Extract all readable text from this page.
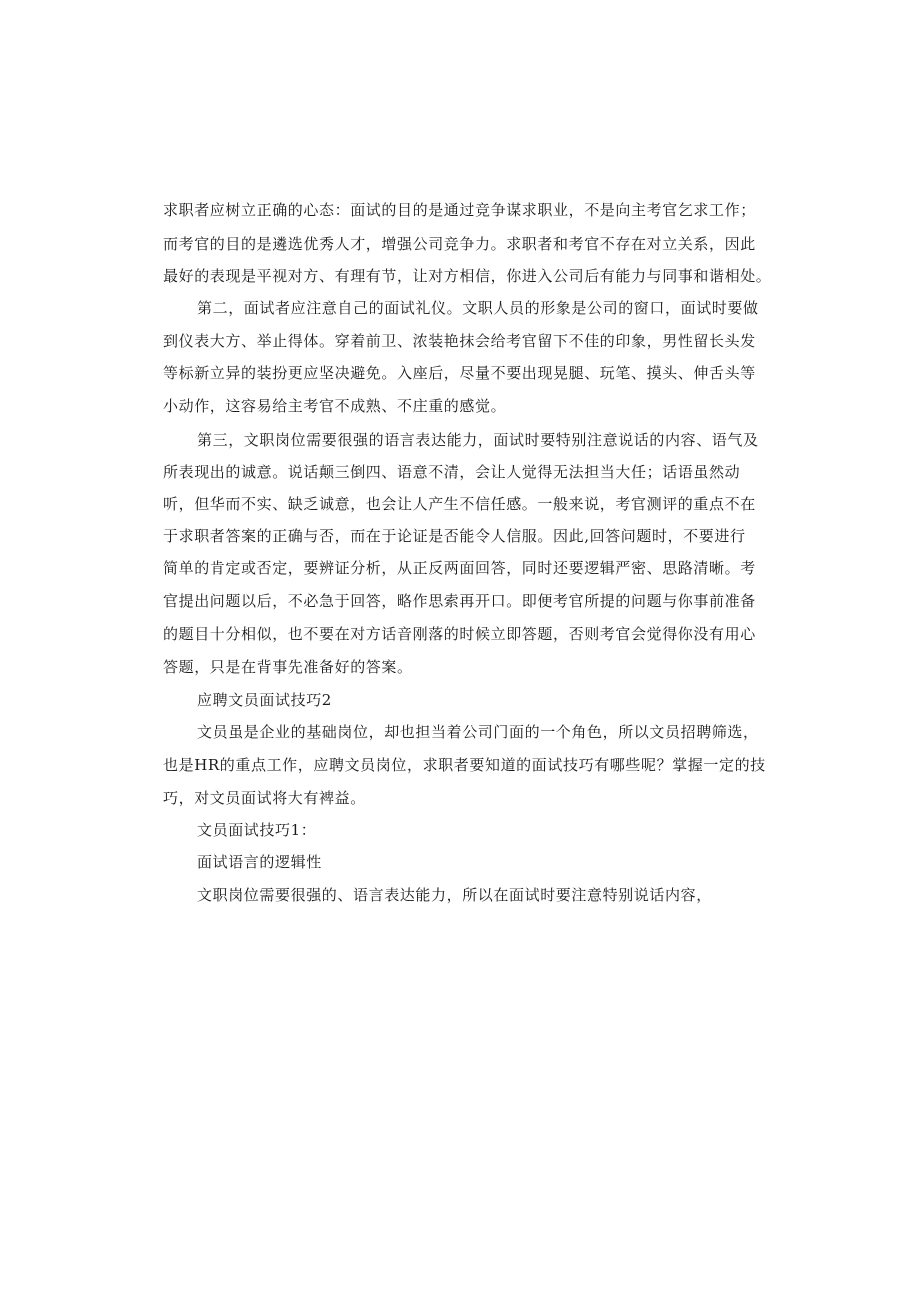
求职者应树立正确的心态：面试的目的是通过竞争谋求职业，不是向主考官乞求工作；
而考官的目的是遴选优秀人才，增强公司竞争力。求职者和考官不存在对立关系，因此
最好的表现是平视对方、有理有节，让对方相信，你进入公司后有能力与同事和谐相处。
第二，面试者应注意自己的面试礼仪。文职人员的形象是公司的窗口，面试时要做
到仪表大方、举止得体。穿着前卫、浓装艳抹会给考官留下不佳的印象，男性留长头发
等标新立异的装扮更应坚决避免。入座后，尽量不要出现晃腿、玩笔、摸头、伸舌头等
小动作，这容易给主考官不成熟、不庄重的感觉。
第三，文职岗位需要很强的语言表达能力，面试时要特别注意说话的内容、语气及
所表现出的诚意。说话颠三倒四、语意不清，会让人觉得无法担当大任；话语虽然动
听，但华而不实、缺乏诚意，也会让人产生不信任感。一般来说，考官测评的重点不在
于求职者答案的正确与否，而在于论证是否能令人信服。因此,回答问题时，不要进行
简单的肯定或否定，要辨证分析，从正反两面回答，同时还要逻辑严密、思路清晰。考
官提出问题以后，不必急于回答，略作思索再开口。即便考官所提的问题与你事前准备
的题目十分相似，也不要在对方话音刚落的时候立即答题，否则考官会觉得你没有用心
答题，只是在背事先准备好的答案。
应聘文员面试技巧2
文员虽是企业的基础岗位，却也担当着公司门面的一个角色，所以文员招聘筛选，
也是HR的重点工作，应聘文员岗位，求职者要知道的面试技巧有哪些呢？掌握一定的技
巧，对文员面试将大有裨益。
文员面试技巧1：
面试语言的逻辑性
文职岗位需要很强的、语言表达能力，所以在面试时要注意特别说话内容，
